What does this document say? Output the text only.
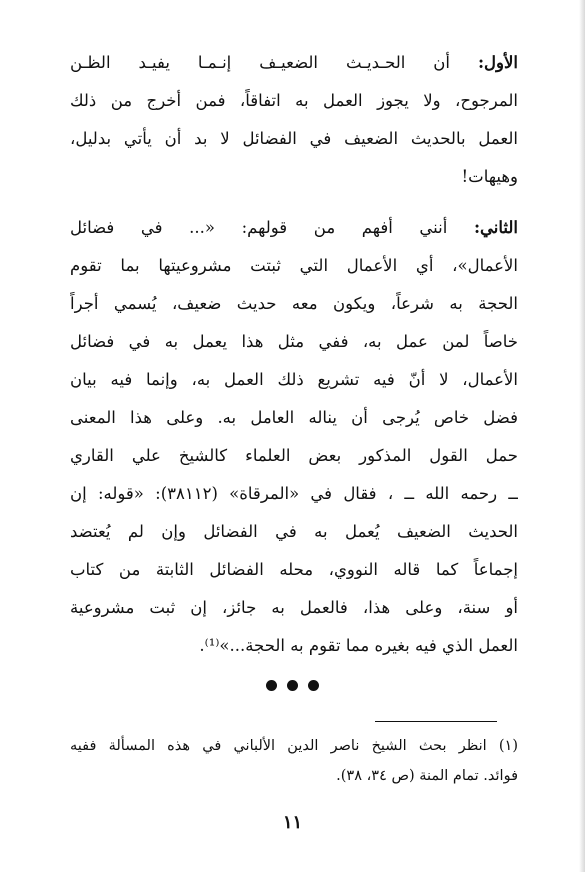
الأول: أن الحـديـث الضعيـف إنـمـا يفيـد الظـن
المرجوح، ولا يجوز العمل به اتفاقاً، فمن أخرج من ذلك
العمل بالحديث الضعيف في الفضائل لا بد أن يأتي بدليل،
وهيهات!
الثاني: أنني أفهم من قولهم: «... في فضائل
الأعمال»، أي الأعمال التي ثبتت مشروعيتها بما تقوم
الحجة به شرعاً، ويكون معه حديث ضعيف، يُسمي أجراً
خاصاً لمن عمل به، ففي مثل هذا يعمل به في فضائل
الأعمال، لا أنّ فيه تشريع ذلك العمل به، وإنما فيه بيان
فضل خاص يُرجى أن يناله العامل به. وعلى هذا المعنى
حمل القول المذكور بعض العلماء كالشيخ علي القاري
ــ رحمه الله ــ ، فقال في «المرقاة» (٣٨١١٢): «قوله: إن
الحديث الضعيف يُعمل به في الفضائل وإن لم يُعتضد
إجماعاً كما قاله النووي، محله الفضائل الثابتة من كتاب
أو سنة، وعلى هذا، فالعمل به جائز، إن ثبت مشروعية
العمل الذي فيه بغيره مما تقوم به الحجة...»⁽¹⁾.
(١) انظر بحث الشيخ ناصر الدين الألباني في هذه المسألة ففيه
فوائد. تمام المنة (ص ٣٤، ٣٨).
١١
